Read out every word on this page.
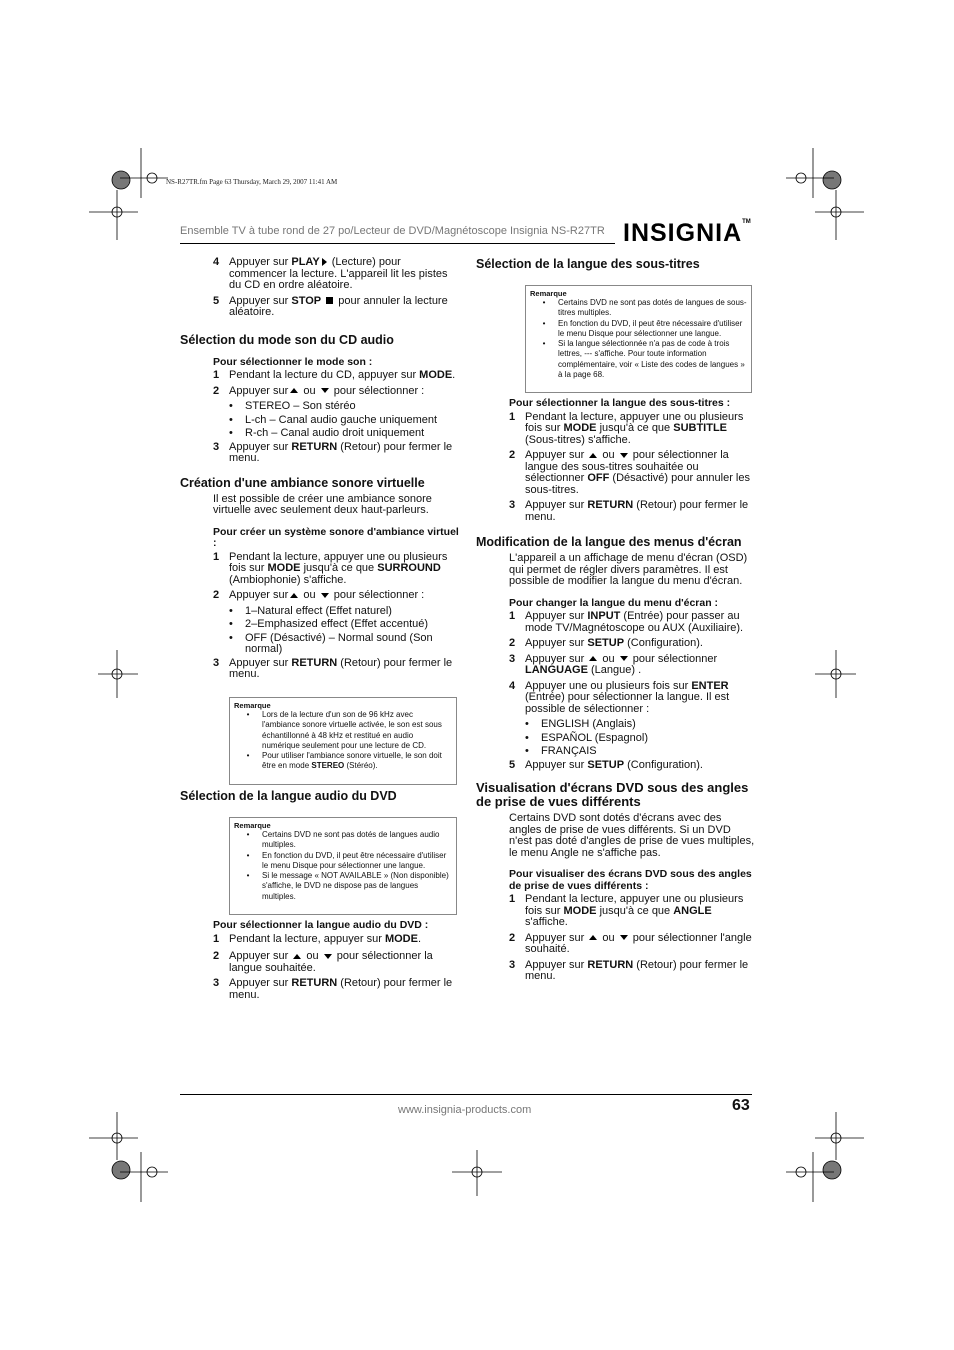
NS-R27TR.fm Page 63 Thursday, March 29, 2007 11:41 AM
Ensemble TV à tube rond de 27 po/Lecteur de DVD/Magnétoscope Insignia NS-R27TR INSIGNIA™
4 Appuyer sur PLAY (Lecture) pour commencer la lecture. L'appareil lit les pistes du CD en ordre aléatoire.
5 Appuyer sur STOP  pour annuler la lecture aléatoire.
Sélection du mode son du CD audio

Pour sélectionner le mode son :

1 Pendant la lecture du CD, appuyer sur MODE.
2 Appuyer sur ou  pour sélectionner :
•	STEREO – Son stéréo
•	L-ch – Canal audio gauche uniquement
•	R-ch – Canal audio droit uniquement
3 Appuyer sur RETURN (Retour) pour fermer le menu.
Création d'une ambiance sonore virtuelle

Il est possible de créer une ambiance sonore virtuelle avec seulement deux haut-parleurs.

Pour créer un système sonore d'ambiance virtuel :

1 Pendant la lecture, appuyer une ou plusieurs fois sur MODE jusqu'à ce que SURROUND (Ambiophonie) s'affiche.
2 Appuyer sur ou  pour sélectionner :
•	1–Natural effect (Effet naturel)
•	2–Emphasized effect (Effet accentué)
•	OFF (Désactivé) – Normal sound (Son normal)
3 Appuyer sur RETURN (Retour) pour fermer le menu.
Remarque
•	Lors de la lecture d'un son de 96 kHz avec l'ambiance sonore virtuelle activée, le son est sous échantillonné à 48 kHz et restitué en audio numérique seulement pour une lecture de CD.
•	Pour utiliser l'ambiance sonore virtuelle, le son doit être en mode STEREO (Stéréo).
Sélection de la langue audio du DVD
Remarque
•	Certains DVD ne sont pas dotés de langues audio multiples.
•	En fonction du DVD, il peut être nécessaire d'utiliser le menu Disque pour sélectionner une langue.
•	Si le message « NOT AVAILABLE » (Non disponible) s'affiche, le DVD ne dispose pas de langues multiples.

Pour sélectionner la langue audio du DVD :

1 Pendant la lecture, appuyer sur MODE.
2 Appuyer sur  ou  pour sélectionner la langue souhaitée.
3 Appuyer sur RETURN (Retour) pour fermer le menu.
Sélection de la langue des sous-titres
Remarque
•	Certains DVD ne sont pas dotés de langues de sous-titres multiples.
•	En fonction du DVD, il peut être nécessaire d'utiliser le menu Disque pour sélectionner une langue.
•	Si la langue sélectionnée n'a pas de code à trois lettres, --- s'affiche. Pour toute information complémentaire, voir « Liste des codes de langues » à la page 68.

Pour sélectionner la langue des sous-titres :

1 Pendant la lecture, appuyer une ou plusieurs fois sur MODE jusqu'à ce que SUBTITLE (Sous-titres) s'affiche.
2 Appuyer sur  ou  pour sélectionner la langue des sous-titres souhaitée ou sélectionner OFF (Désactivé) pour annuler les sous-titres.
3 Appuyer sur RETURN (Retour) pour fermer le menu.
Modification de la langue des menus d'écran

L'appareil a un affichage de menu d'écran (OSD) qui permet de régler divers paramètres. Il est possible de modifier la langue du menu d'écran.

Pour changer la langue du menu d'écran :

1 Appuyer sur INPUT (Entrée) pour passer au mode TV/Magnétoscope ou AUX (Auxiliaire).
2 Appuyer sur SETUP (Configuration).
3 Appuyer sur  ou  pour sélectionner LANGUAGE (Langue) .
4 Appuyer une ou plusieurs fois sur ENTER (Entrée) pour sélectionner la langue. Il est possible de sélectionner :
•	ENGLISH (Anglais)
•	ESPAÑOL (Espagnol)
•	FRANÇAIS
5 Appuyer sur SETUP (Configuration).
Visualisation d'écrans DVD sous des angles de prise de vues différents

Certains DVD sont dotés d'écrans avec des angles de prise de vues différents. Si un DVD n'est pas doté d'angles de prise de vues multiples, le menu Angle ne s'affiche pas.

Pour visualiser des écrans DVD sous des angles de prise de vues différents :

1 Pendant la lecture, appuyer une ou plusieurs fois sur MODE jusqu'à ce que ANGLE s'affiche.
2 Appuyer sur  ou  pour sélectionner l'angle souhaité.
3 Appuyer sur RETURN (Retour) pour fermer le menu.
www.insignia-products.com	63
